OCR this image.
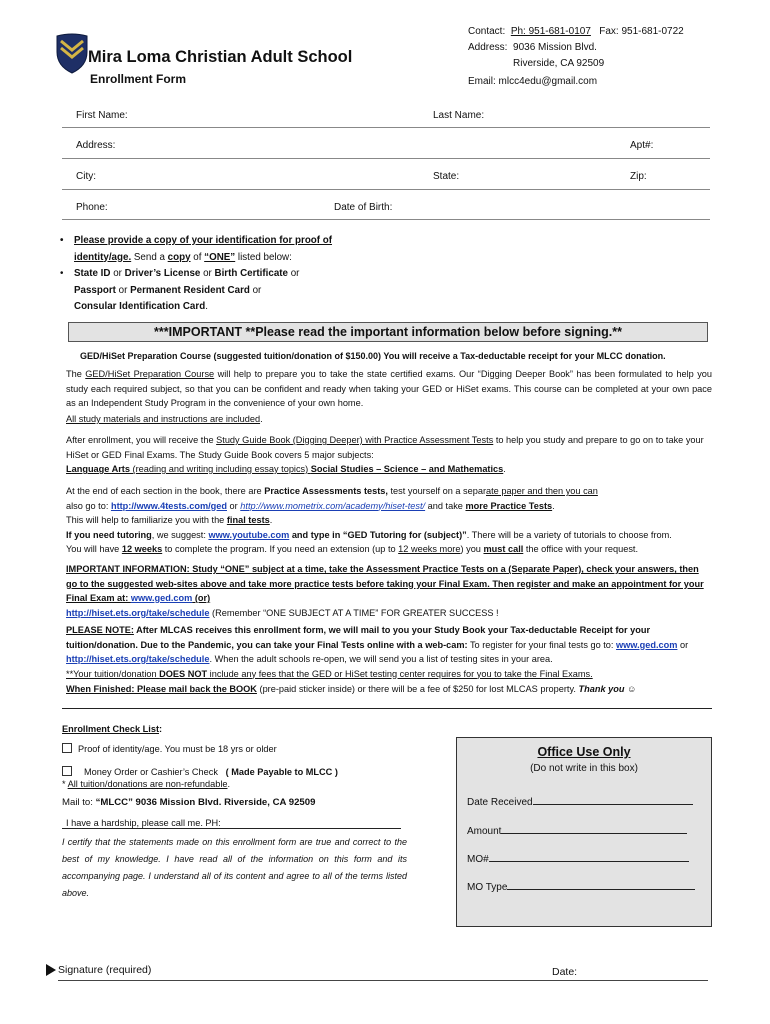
Mira Loma Christian Adult School
Enrollment Form
Contact: Ph: 951-681-0107 Fax: 951-681-0722
Address: 9036 Mission Blvd.
Riverside, CA 92509
Email: mlcc4edu@gmail.com
First Name:	Last Name:
Address:	Apt#:
City:	State:	Zip:
Phone:	Date of Birth:
• Please provide a copy of your identification for proof of identity/age. Send a copy of “ONE” listed below:
• State ID or Driver’s License or Birth Certificate or
Passport or Permanent Resident Card or
Consular Identification Card.
***IMPORTANT **Please read the important information below before signing.**
GED/HiSet Preparation Course (suggested tuition/donation of $150.00) You will receive a Tax-deductable receipt for your MLCC donation.

The GED/HiSet Preparation Course will help to prepare you to take the state certified exams. Our “Digging Deeper Book” has been formulated to help you study each required subject, so that you can be confident and ready when taking your GED or HiSet exams. This course can be completed at your own pace as an Independent Study Program in the convenience of your own home.

All study materials and instructions are included.

After enrollment, you will receive the Study Guide Book (Digging Deeper) with Practice Assessment Tests to help you study and prepare to go on to take your HiSet or GED Final Exams. The Study Guide Book covers 5 major subjects:
Language Arts (reading and writing including essay topics) Social Studies – Science – and Mathematics.

At the end of each section in the book, there are Practice Assessments tests, test yourself on a separate paper and then you can
also go to: http://www.4tests.com/ged or http://www.mometrix.com/academy/hiset-test/ and take more Practice Tests.
This will help to familiarize you with the final tests.
If you need tutoring, we suggest: www.youtube.com and type in “GED Tutoring for (subject)”. There will be a variety of tutorials to choose from.
You will have 12 weeks to complete the program. If you need an extension (up to 12 weeks more) you must call the office with your request.

IMPORTANT INFORMATION: Study “ONE” subject at a time, take the Assessment Practice Tests on a (Separate Paper), check your answers, then go to the suggested web-sites above and take more practice tests before taking your Final Exam. Then register and make an appointment for your Final Exam at: www.ged.com (or)
http://hiset.ets.org/take/schedule (Remember “ONE SUBJECT AT A TIME” FOR GREATER SUCCESS !

PLEASE NOTE: After MLCAS receives this enrollment form, we will mail to you your Study Book your Tax-deductable Receipt for your tuition/donation. Due to the Pandemic, you can take your Final Tests online with a web-cam: To register for your final tests go to: www.ged.com or http://hiset.ets.org/take/schedule. When the adult schools re-open, we will send you a list of testing sites in your area.
**Your tuition/donation DOES NOT include any fees that the GED or HiSet testing center requires for you to take the Final Exams.

When Finished: Please mail back the BOOK (pre-paid sticker inside) or there will be a fee of $250 for lost MLCAS property. Thank you ☺

Enrollment Check List:
Proof of identity/age. You must be 18 yrs or older
Money Order or Cashier’s Check ( Made Payable to MLCC )
* All tuition/donations are non-refundable.
Mail to: “MLCC” 9036 Mission Blvd. Riverside, CA 92509
I have a hardship, please call me. PH:
I certify that the statements made on this enrollment form are true and correct to the best of my knowledge. I have read all of the information on this form and its accompanying page. I understand all of its content and agree to all of the terms listed above.
Office Use Only
(Do not write in this box)
Date Received
Amount
MO#
MO Type
Signature (required)	Date:
